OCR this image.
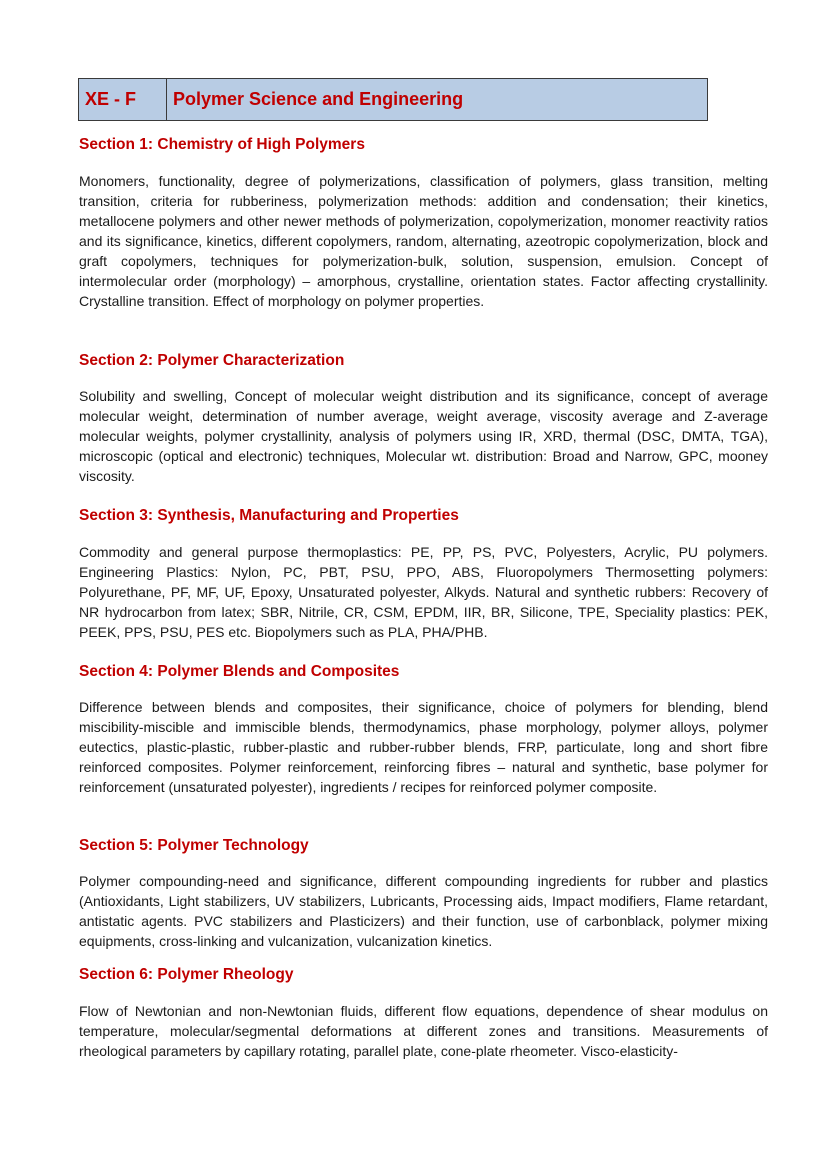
XE - F	Polymer Science and Engineering
Section 1: Chemistry of High Polymers

Monomers, functionality, degree of polymerizations, classification of polymers, glass transition, melting transition, criteria for rubberiness, polymerization methods: addition and condensation; their kinetics, metallocene polymers and other newer methods of polymerization, copolymerization, monomer reactivity ratios and its significance, kinetics, different copolymers, random, alternating, azeotropic copolymerization, block and graft copolymers, techniques for polymerization-bulk, solution, suspension, emulsion. Concept of intermolecular order (morphology) – amorphous, crystalline, orientation states. Factor affecting crystallinity. Crystalline transition. Effect of morphology on polymer properties.

Section 2: Polymer Characterization

Solubility and swelling, Concept of molecular weight distribution and its significance, concept of average molecular weight, determination of number average, weight average, viscosity average and Z-average molecular weights, polymer crystallinity, analysis of polymers using IR, XRD, thermal (DSC, DMTA, TGA), microscopic (optical and electronic) techniques, Molecular wt. distribution: Broad and Narrow, GPC, mooney viscosity.

Section 3: Synthesis, Manufacturing and Properties

Commodity and general purpose thermoplastics: PE, PP, PS, PVC, Polyesters, Acrylic, PU polymers. Engineering Plastics: Nylon, PC, PBT, PSU, PPO, ABS, Fluoropolymers Thermosetting polymers: Polyurethane, PF, MF, UF, Epoxy, Unsaturated polyester, Alkyds. Natural and synthetic rubbers: Recovery of NR hydrocarbon from latex; SBR, Nitrile, CR, CSM, EPDM, IIR, BR, Silicone, TPE, Speciality plastics: PEK, PEEK, PPS, PSU, PES etc. Biopolymers such as PLA, PHA/PHB.

Section 4: Polymer Blends and Composites

Difference between blends and composites, their significance, choice of polymers for blending, blend miscibility-miscible and immiscible blends, thermodynamics, phase morphology, polymer alloys, polymer eutectics, plastic-plastic, rubber-plastic and rubber-rubber blends, FRP, particulate, long and short fibre reinforced composites. Polymer reinforcement, reinforcing fibres – natural and synthetic, base polymer for reinforcement (unsaturated polyester), ingredients / recipes for reinforced polymer composite.

Section 5: Polymer Technology

Polymer compounding-need and significance, different compounding ingredients for rubber and plastics (Antioxidants, Light stabilizers, UV stabilizers, Lubricants, Processing aids, Impact modifiers, Flame retardant, antistatic agents. PVC stabilizers and Plasticizers) and their function, use of carbonblack, polymer mixing equipments, cross-linking and vulcanization, vulcanization kinetics.

Section 6: Polymer Rheology

Flow of Newtonian and non-Newtonian fluids, different flow equations, dependence of shear modulus on temperature, molecular/segmental deformations at different zones and transitions. Measurements of rheological parameters by capillary rotating, parallel plate, cone-plate rheometer. Visco-elasticity-
